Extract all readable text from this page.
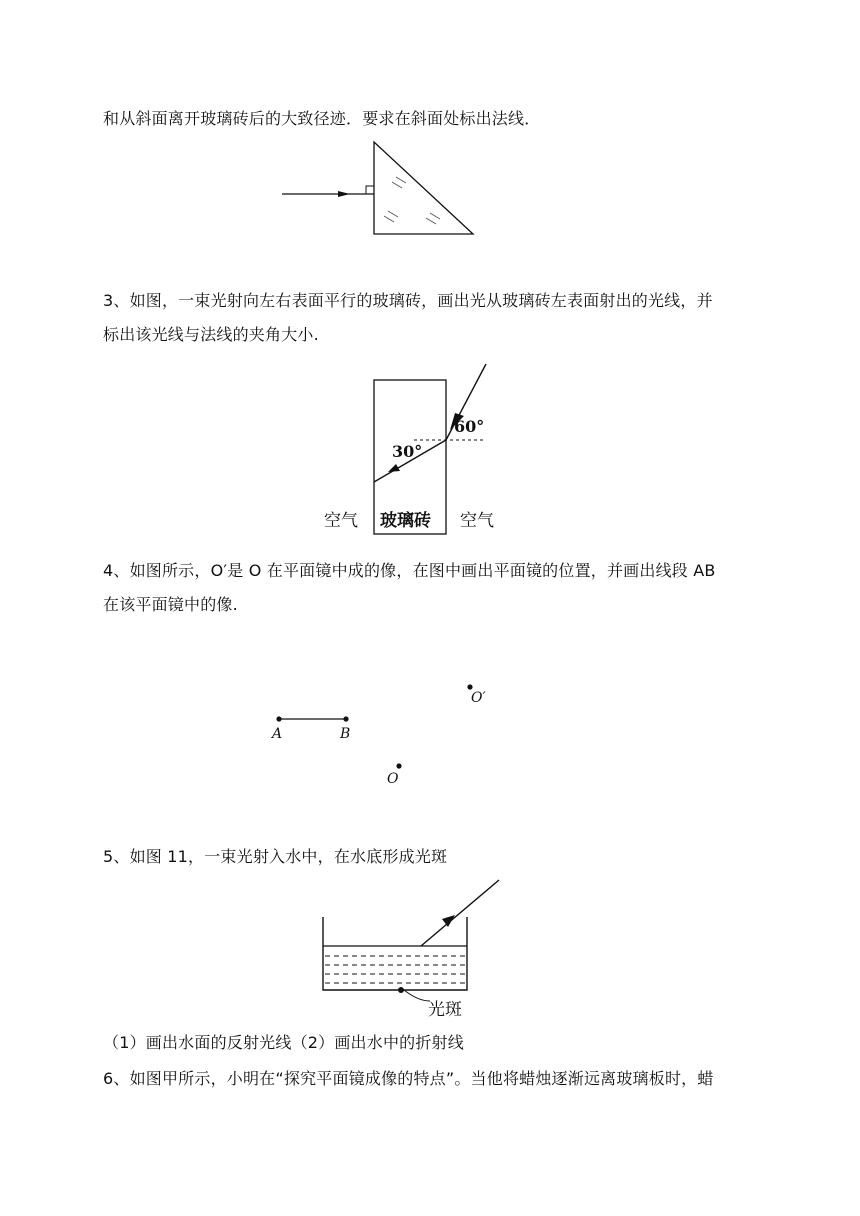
和从斜面离开玻璃砖后的大致径迹．要求在斜面处标出法线．

3、如图，一束光射向左右表面平行的玻璃砖，画出光从玻璃砖左表面射出的光线，并

标出该光线与法线的夹角大小.

60°
30°
空气 玻璃砖 空气

4、如图所示，O′是 O 在平面镜中成的像，在图中画出平面镜的位置，并画出线段 AB

在该平面镜中的像.

A	B
O′
O

5、如图 11，一束光射入水中，在水底形成光斑

光斑

（1）画出水面的反射光线（2）画出水中的折射线

6、如图甲所示，小明在“探究平面镜成像的特点”。当他将蜡烛逐渐远离玻璃板时，蜡
